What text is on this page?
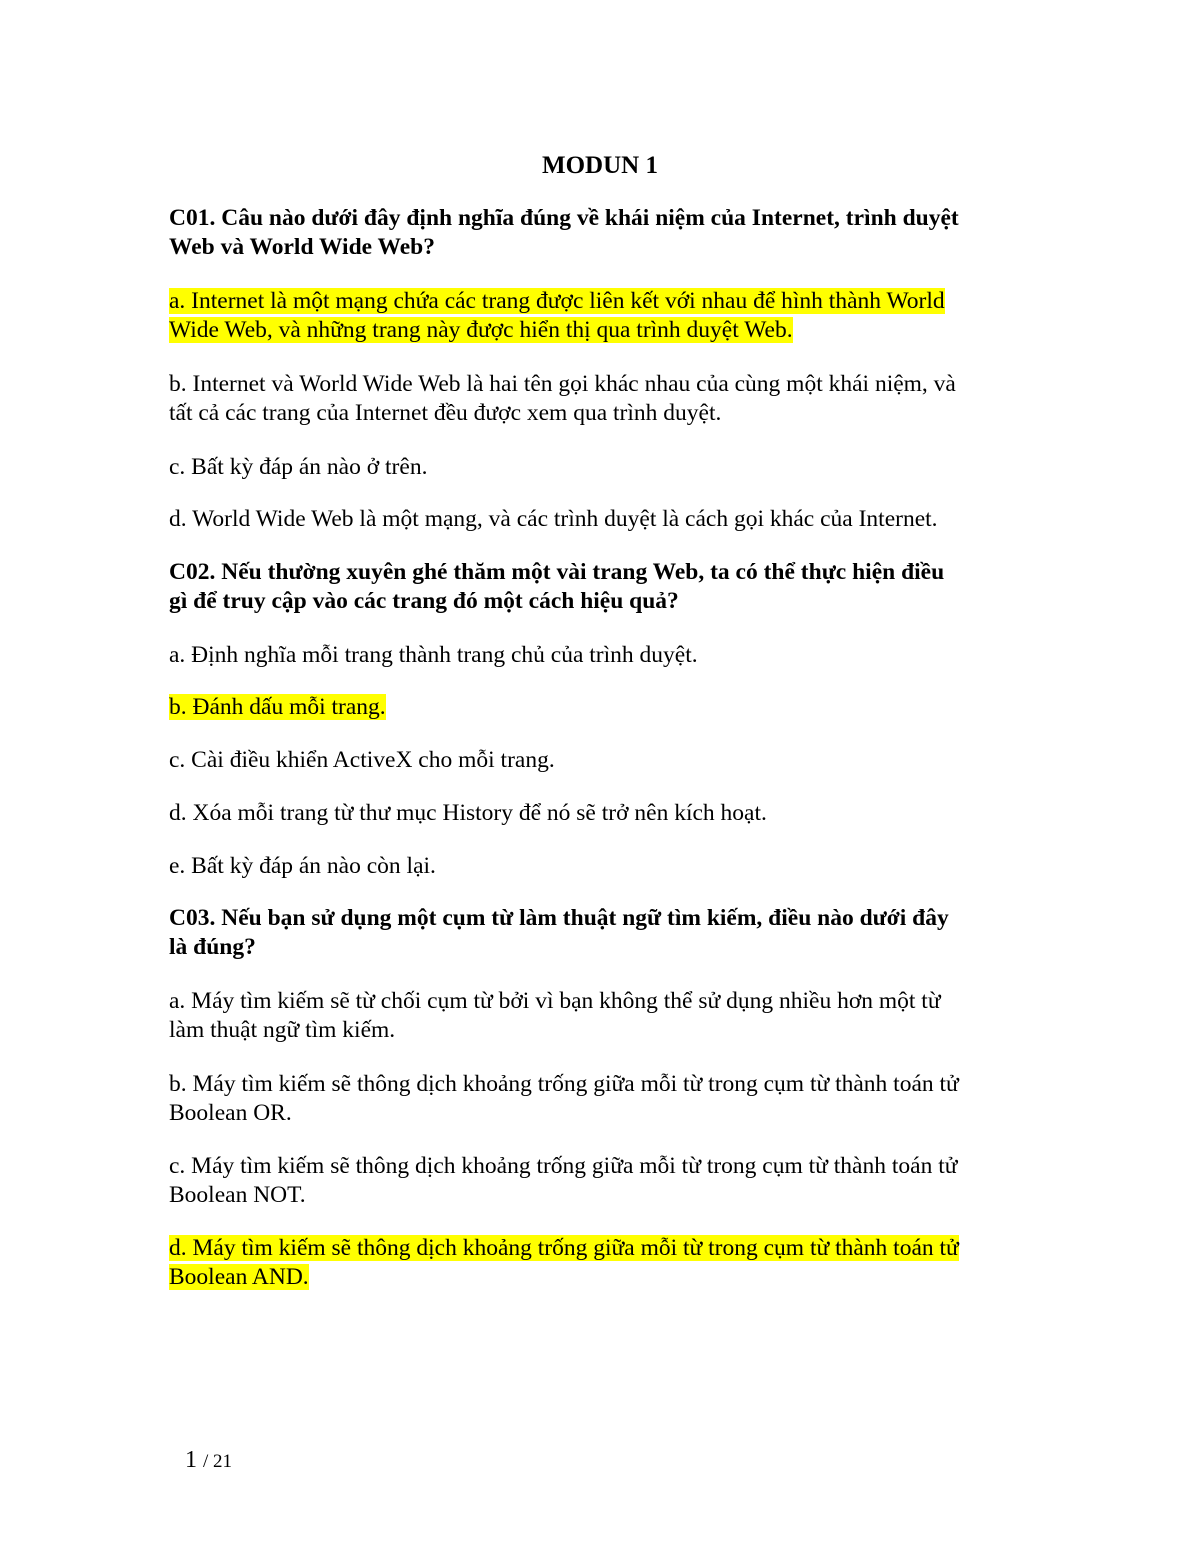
MODUN 1

C01. Câu nào dưới đây định nghĩa đúng về khái niệm của Internet, trình duyệt
Web và World Wide Web?

a. Internet là một mạng chứa các trang được liên kết với nhau để hình thành World
Wide Web, và những trang này được hiển thị qua trình duyệt Web.

b. Internet và World Wide Web là hai tên gọi khác nhau của cùng một khái niệm, và
tất cả các trang của Internet đều được xem qua trình duyệt.

c. Bất kỳ đáp án nào ở trên.

d. World Wide Web là một mạng, và các trình duyệt là cách gọi khác của Internet.

C02. Nếu thường xuyên ghé thăm một vài trang Web, ta có thể thực hiện điều
gì để truy cập vào các trang đó một cách hiệu quả?

a. Định nghĩa mỗi trang thành trang chủ của trình duyệt.

b. Đánh dấu mỗi trang.

c. Cài điều khiển ActiveX cho mỗi trang.

d. Xóa mỗi trang từ thư mục History để nó sẽ trở nên kích hoạt.

e. Bất kỳ đáp án nào còn lại.

C03. Nếu bạn sử dụng một cụm từ làm thuật ngữ tìm kiếm, điều nào dưới đây
là đúng?

a. Máy tìm kiếm sẽ từ chối cụm từ bởi vì bạn không thể sử dụng nhiều hơn một từ
làm thuật ngữ tìm kiếm.

b. Máy tìm kiếm sẽ thông dịch khoảng trống giữa mỗi từ trong cụm từ thành toán tử
Boolean OR.

c. Máy tìm kiếm sẽ thông dịch khoảng trống giữa mỗi từ trong cụm từ thành toán tử
Boolean NOT.

d. Máy tìm kiếm sẽ thông dịch khoảng trống giữa mỗi từ trong cụm từ thành toán tử
Boolean AND.

1 / 21
